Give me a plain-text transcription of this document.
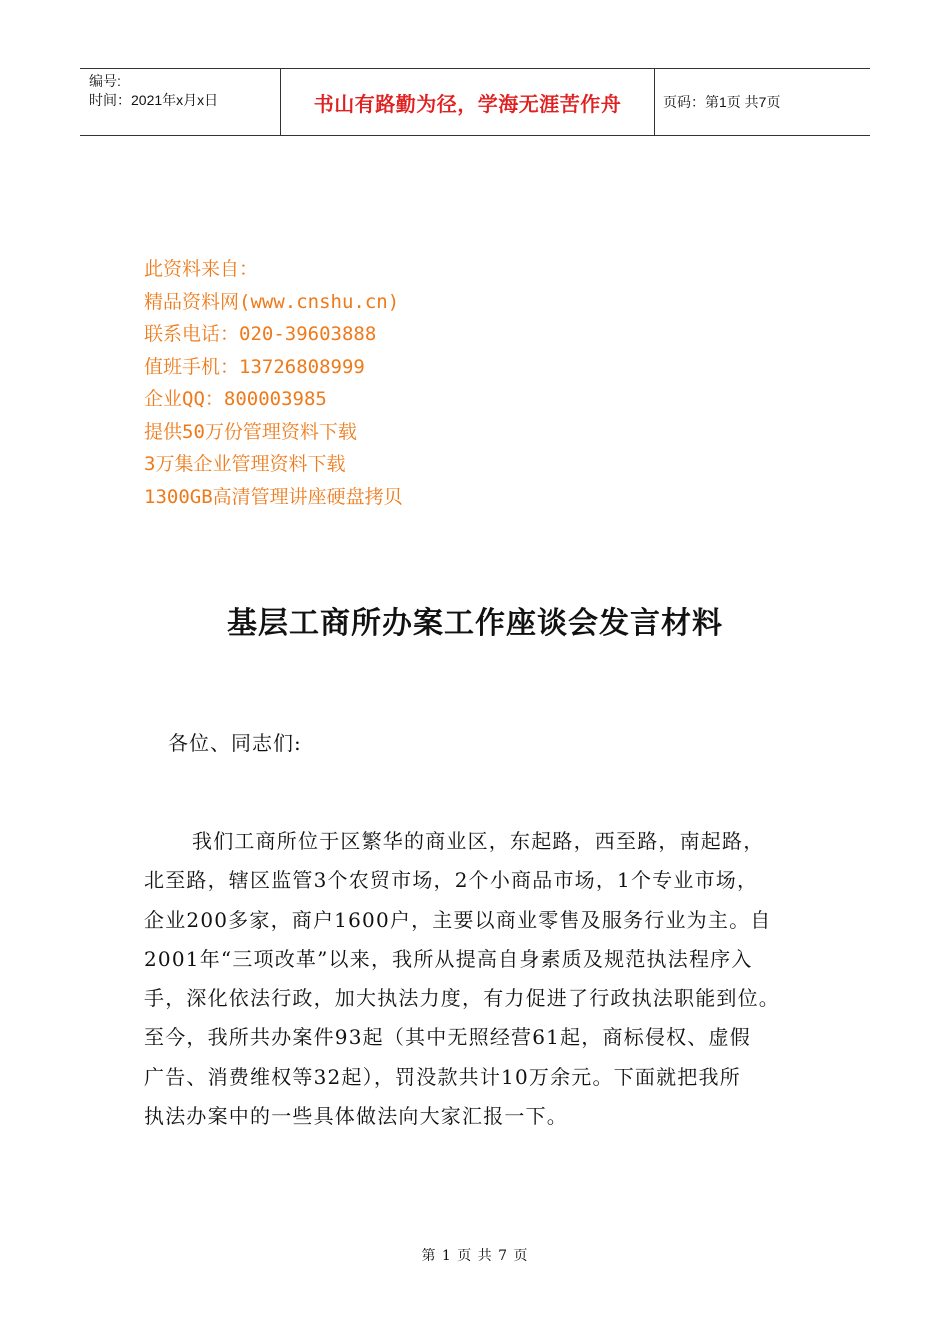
编号:
时间：2021年x月x日	书山有路勤为径，学海无涯苦作舟	页码：第1页 共7页
此资料来自：
精品资料网(www.cnshu.cn)
联系电话：020-39603888
值班手机：13726808999
企业QQ：800003985
提供50万份管理资料下载
3万集企业管理资料下载
1300GB高清管理讲座硬盘拷贝
基层工商所办案工作座谈会发言材料
各位、同志们:
我们工商所位于区繁华的商业区，东起路，西至路，南起路，
北至路，辖区监管3个农贸市场，2个小商品市场，1个专业市场，
企业200多家，商户1600户，主要以商业零售及服务行业为主。自
2001年“三项改革”以来，我所从提高自身素质及规范执法程序入
手，深化依法行政，加大执法力度，有力促进了行政执法职能到位。
至今，我所共办案件93起（其中无照经营61起，商标侵权、虚假
广告、消费维权等32起），罚没款共计10万余元。下面就把我所
执法办案中的一些具体做法向大家汇报一下。
第 1 页 共 7 页
